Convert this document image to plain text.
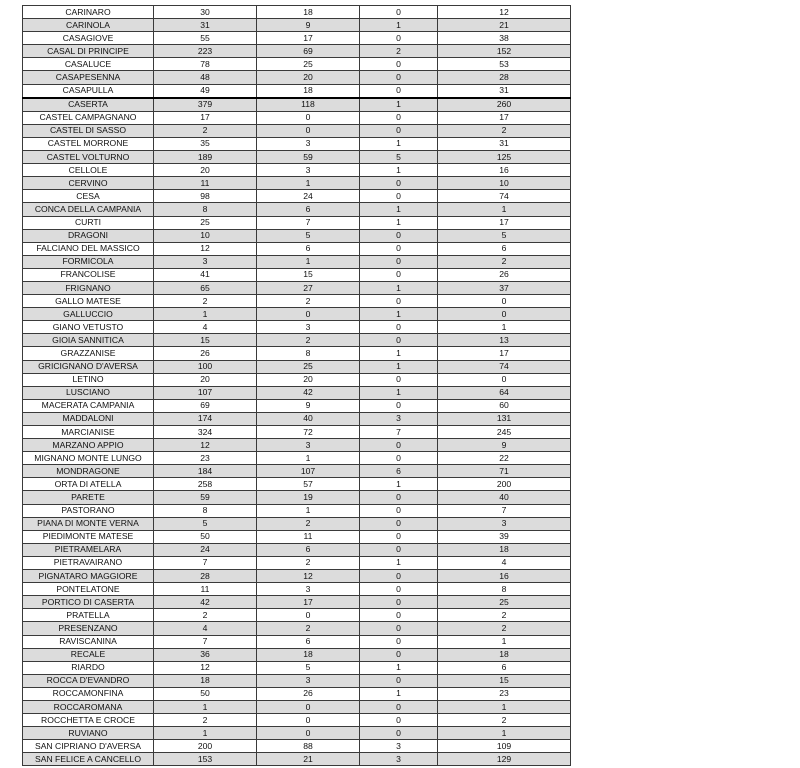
CARINARO	30	18	0	12
CARINOLA	31	9	1	21
CASAGIOVE	55	17	0	38
CASAL DI PRINCIPE	223	69	2	152
CASALUCE	78	25	0	53
CASAPESENNA	48	20	0	28
CASAPULLA	49	18	0	31
CASERTA	379	118	1	260
CASTEL CAMPAGNANO	17	0	0	17
CASTEL DI SASSO	2	0	0	2
CASTEL MORRONE	35	3	1	31
CASTEL VOLTURNO	189	59	5	125
CELLOLE	20	3	1	16
CERVINO	11	1	0	10
CESA	98	24	0	74
CONCA DELLA CAMPANIA	8	6	1	1
CURTI	25	7	1	17
DRAGONI	10	5	0	5
FALCIANO DEL MASSICO	12	6	0	6
FORMICOLA	3	1	0	2
FRANCOLISE	41	15	0	26
FRIGNANO	65	27	1	37
GALLO MATESE	2	2	0	0
GALLUCCIO	1	0	1	0
GIANO VETUSTO	4	3	0	1
GIOIA SANNITICA	15	2	0	13
GRAZZANISE	26	8	1	17
GRICIGNANO D'AVERSA	100	25	1	74
LETINO	20	20	0	0
LUSCIANO	107	42	1	64
MACERATA CAMPANIA	69	9	0	60
MADDALONI	174	40	3	131
MARCIANISE	324	72	7	245
MARZANO APPIO	12	3	0	9
MIGNANO MONTE LUNGO	23	1	0	22
MONDRAGONE	184	107	6	71
ORTA DI ATELLA	258	57	1	200
PARETE	59	19	0	40
PASTORANO	8	1	0	7
PIANA DI MONTE VERNA	5	2	0	3
PIEDIMONTE MATESE	50	11	0	39
PIETRAMELARA	24	6	0	18
PIETRAVAIRANO	7	2	1	4
PIGNATARO MAGGIORE	28	12	0	16
PONTELATONE	11	3	0	8
PORTICO DI CASERTA	42	17	0	25
PRATELLA	2	0	0	2
PRESENZANO	4	2	0	2
RAVISCANINA	7	6	0	1
RECALE	36	18	0	18
RIARDO	12	5	1	6
ROCCA D'EVANDRO	18	3	0	15
ROCCAMONFINA	50	26	1	23
ROCCAROMANA	1	0	0	1
ROCCHETTA E CROCE	2	0	0	2
RUVIANO	1	0	0	1
SAN CIPRIANO D'AVERSA	200	88	3	109
SAN FELICE A CANCELLO	153	21	3	129
